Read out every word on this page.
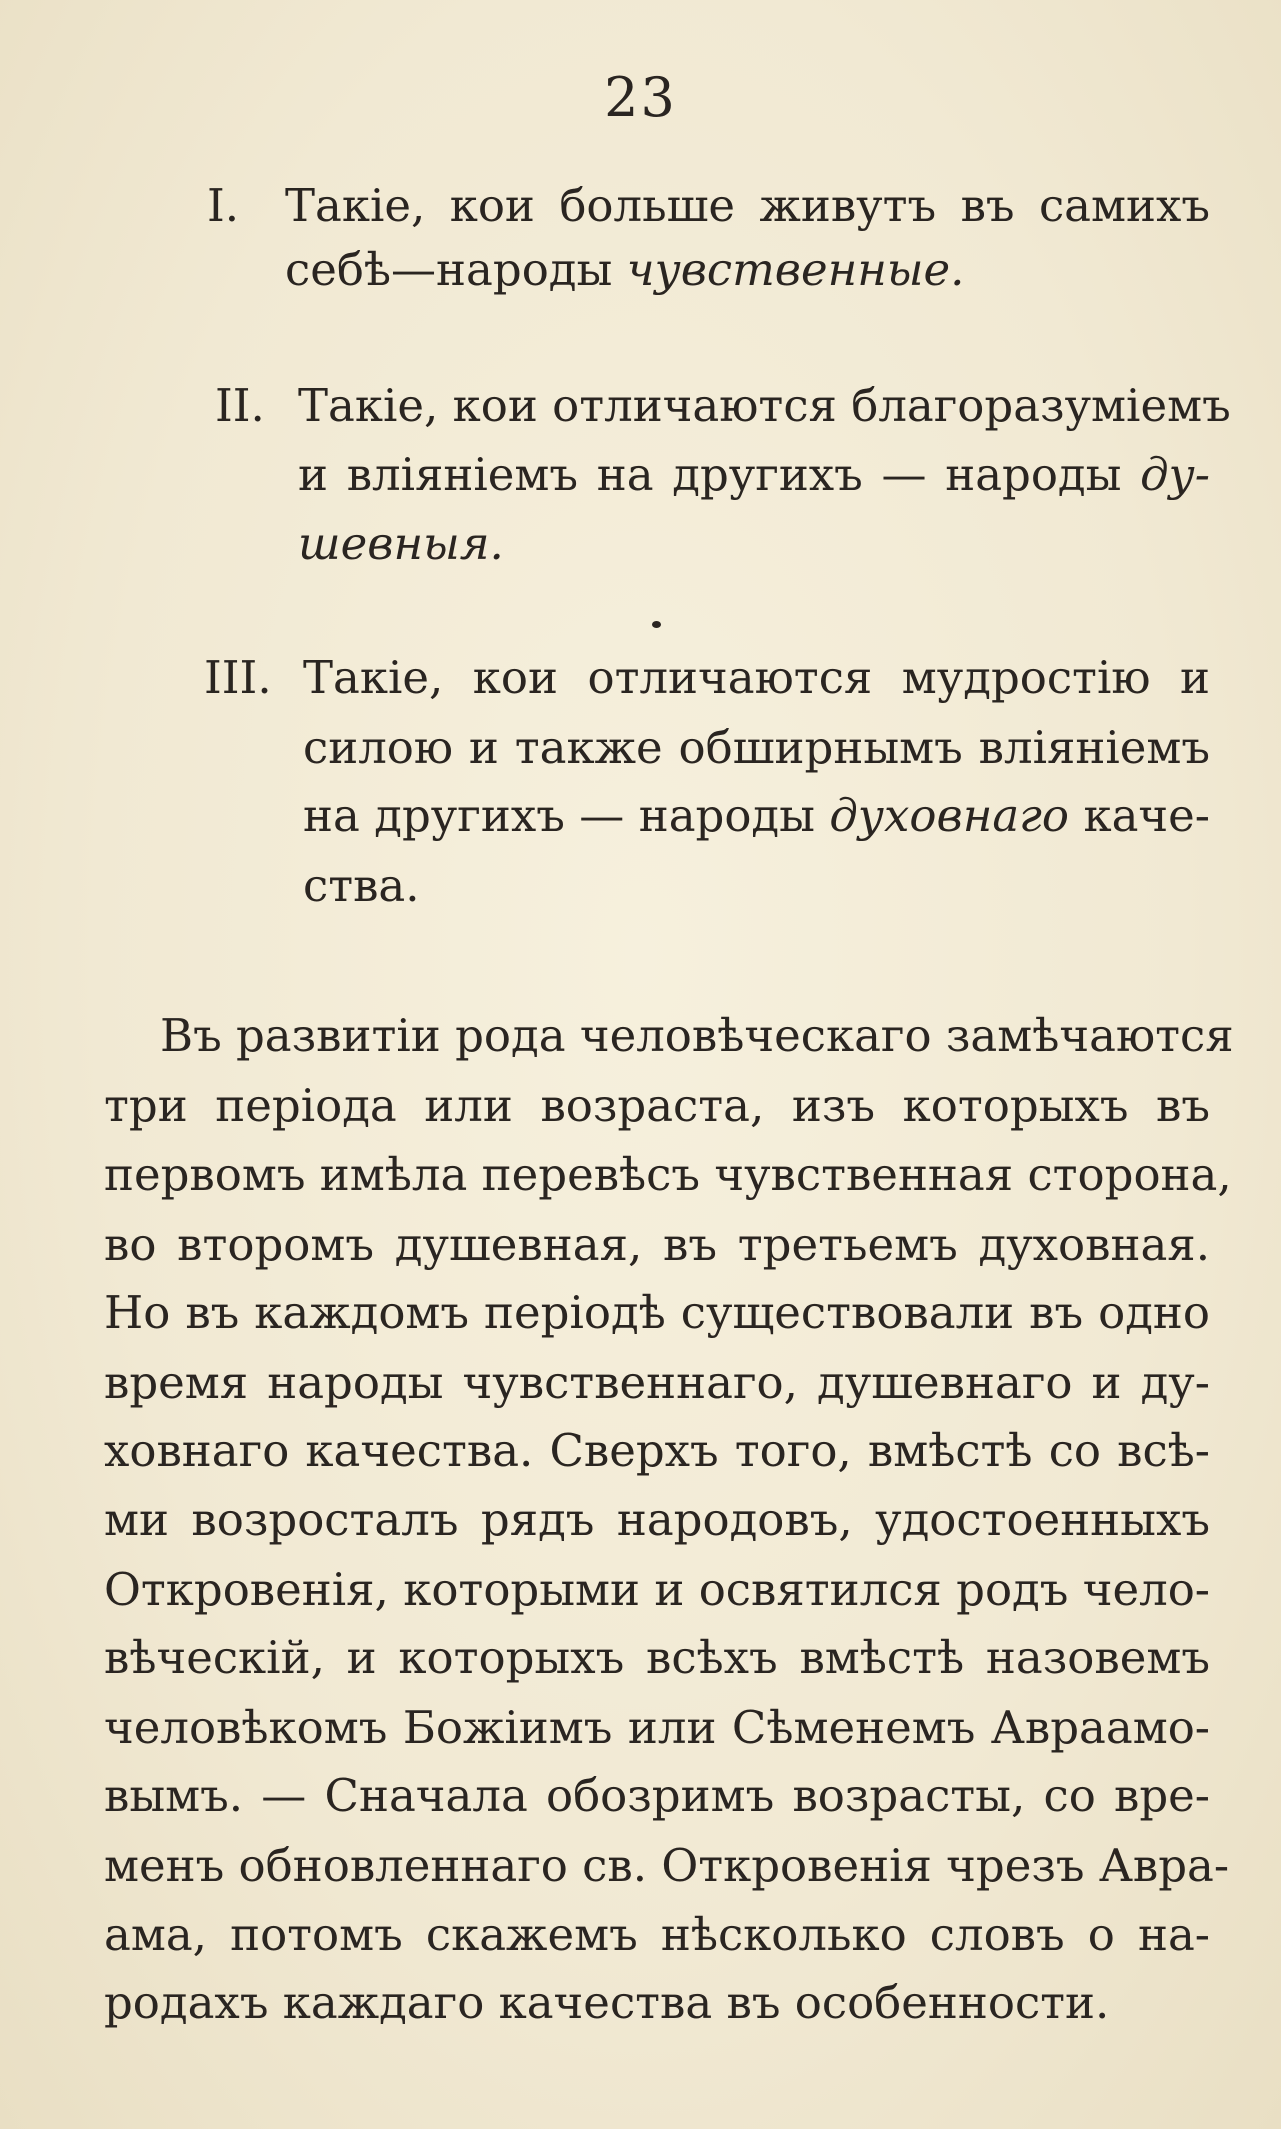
23
I. Такіе, кои больше живутъ въ самихъ
себѣ—народы чувственные.
II. Такіе, кои отличаются благоразуміемъ
и вліяніемъ на другихъ — народы ду-
шевныя.
III. Такіе, кои отличаются мудростію и
силою и также обширнымъ вліяніемъ
на другихъ — народы духовнаго каче-
ства.
Въ развитіи рода человѣческаго замѣчаются
три періода или возраста, изъ которыхъ въ
первомъ имѣла перевѣсъ чувственная сторона,
во второмъ душевная, въ третьемъ духовная.
Но въ каждомъ періодѣ существовали въ одно
время народы чувственнаго, душевнаго и ду-
ховнаго качества. Сверхъ того, вмѣстѣ со всѣ-
ми возросталъ рядъ народовъ, удостоенныхъ
Откровенія, которыми и освятился родъ чело-
вѣческій, и которыхъ всѣхъ вмѣстѣ назовемъ
человѣкомъ Божіимъ или Сѣменемъ Авраамо-
вымъ. — Сначала обозримъ возрасты, со вре-
менъ обновленнаго св. Откровенія чрезъ Авра-
ама, потомъ скажемъ нѣсколько словъ о на-
родахъ каждаго качества въ особенности.
